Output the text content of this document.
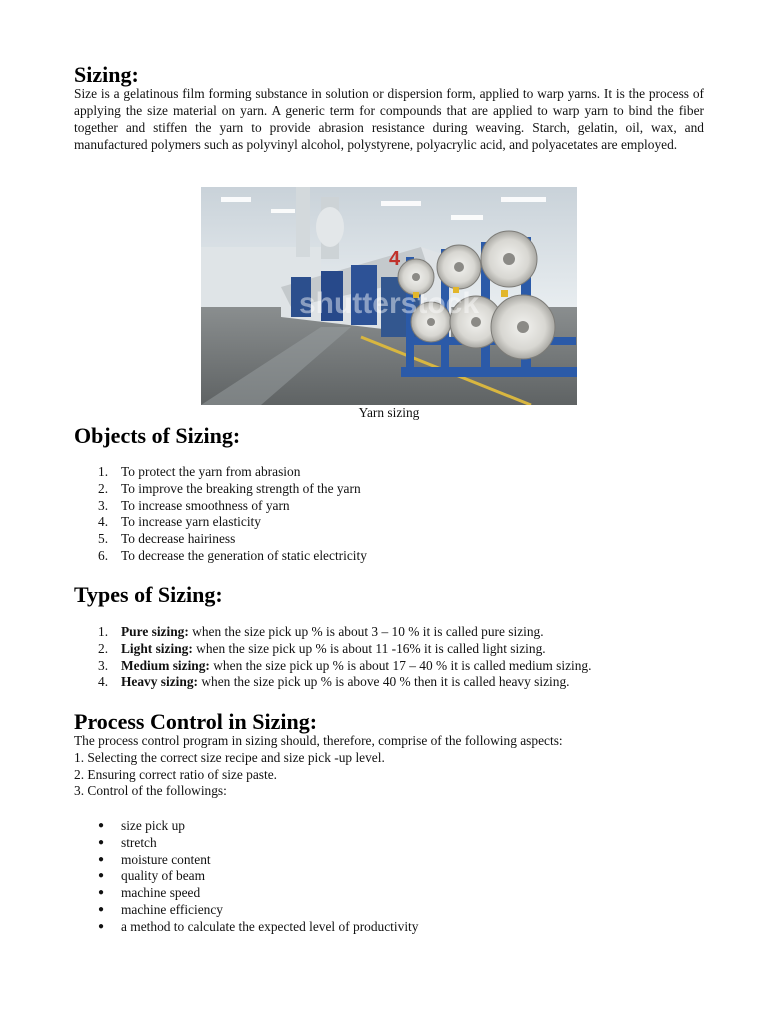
Sizing:

Size is a gelatinous film forming substance in solution or dispersion form, applied to warp yarns. It is the process of applying the size material on yarn. A generic term for compounds that are applied to warp yarn to bind the fiber together and stiffen the yarn to provide abrasion resistance during weaving. Starch, gelatin, oil, wax, and manufactured polymers such as polyvinyl alcohol, polystyrene, polyacrylic acid, and polyacetates are employed.

4
shutterstock
Yarn sizing
Objects of Sizing:
1. To protect the yarn from abrasion
2. To improve the breaking strength of the yarn
3. To increase smoothness of yarn
4. To increase yarn elasticity
5. To decrease hairiness
6. To decrease the generation of static electricity
Types of Sizing:
1. Pure sizing: when the size pick up % is about 3 – 10 % it is called pure sizing.
2. Light sizing: when the size pick up % is about 11 -16% it is called light sizing.
3. Medium sizing: when the size pick up % is about 17 – 40 % it is called medium sizing.
4. Heavy sizing: when the size pick up % is above 40 % then it is called heavy sizing.
Process Control in Sizing:

The process control program in sizing should, therefore, comprise of the following aspects:

1. Selecting the correct size recipe and size pick -up level.

2. Ensuring correct ratio of size paste.

3. Control of the followings:

● size pick up
● stretch
● moisture content
● quality of beam
● machine speed
● machine efficiency
● a method to calculate the expected level of productivity
